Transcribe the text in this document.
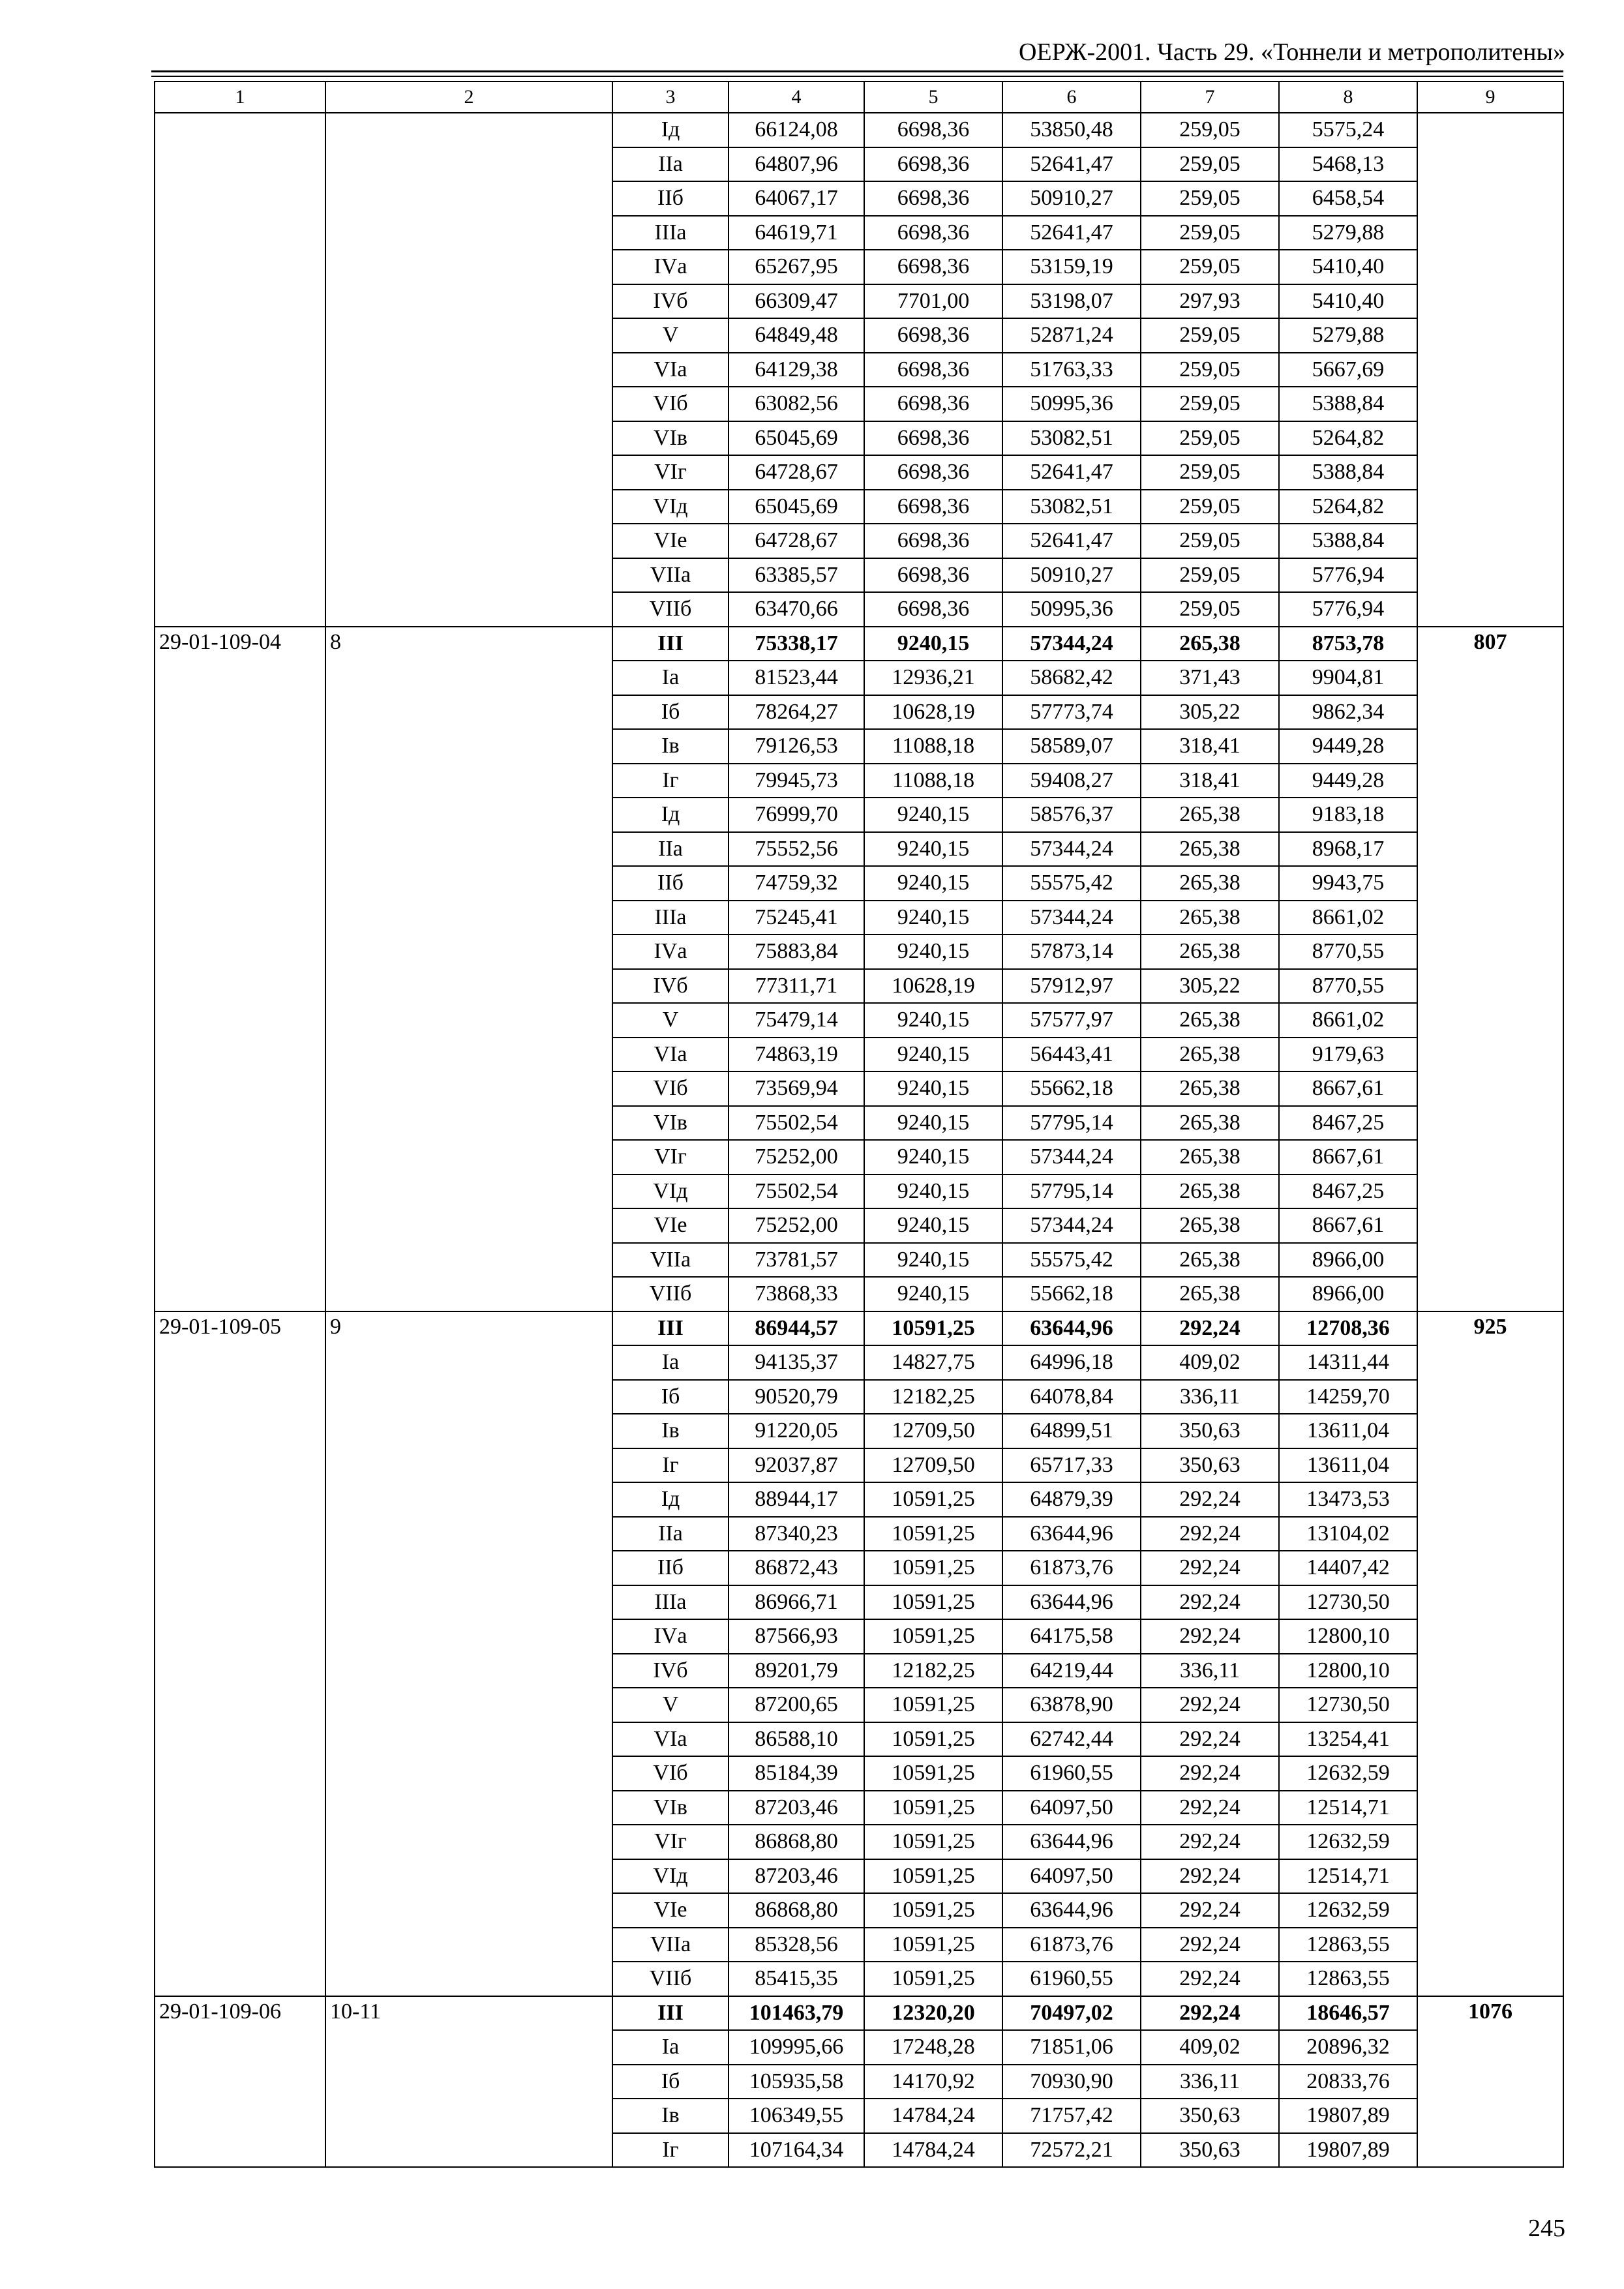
ОЕРЖ-2001. Часть 29. «Тоннели и метрополитены»
1	2	3	4	5	6	7	8	9
		Iд	66124,08	6698,36	53850,48	259,05	5575,24	
		IIа	64807,96	6698,36	52641,47	259,05	5468,13	
		IIб	64067,17	6698,36	50910,27	259,05	6458,54	
		IIIа	64619,71	6698,36	52641,47	259,05	5279,88	
		IVа	65267,95	6698,36	53159,19	259,05	5410,40	
		IVб	66309,47	7701,00	53198,07	297,93	5410,40	
		V	64849,48	6698,36	52871,24	259,05	5279,88	
		VIа	64129,38	6698,36	51763,33	259,05	5667,69	
		VIб	63082,56	6698,36	50995,36	259,05	5388,84	
		VIв	65045,69	6698,36	53082,51	259,05	5264,82	
		VIг	64728,67	6698,36	52641,47	259,05	5388,84	
		VIд	65045,69	6698,36	53082,51	259,05	5264,82	
		VIе	64728,67	6698,36	52641,47	259,05	5388,84	
		VIIа	63385,57	6698,36	50910,27	259,05	5776,94	
		VIIб	63470,66	6698,36	50995,36	259,05	5776,94	
29-01-109-04	8	III	75338,17	9240,15	57344,24	265,38	8753,78	807
		Iа	81523,44	12936,21	58682,42	371,43	9904,81	
		Iб	78264,27	10628,19	57773,74	305,22	9862,34	
		Iв	79126,53	11088,18	58589,07	318,41	9449,28	
		Iг	79945,73	11088,18	59408,27	318,41	9449,28	
		Iд	76999,70	9240,15	58576,37	265,38	9183,18	
		IIа	75552,56	9240,15	57344,24	265,38	8968,17	
		IIб	74759,32	9240,15	55575,42	265,38	9943,75	
		IIIа	75245,41	9240,15	57344,24	265,38	8661,02	
		IVа	75883,84	9240,15	57873,14	265,38	8770,55	
		IVб	77311,71	10628,19	57912,97	305,22	8770,55	
		V	75479,14	9240,15	57577,97	265,38	8661,02	
		VIа	74863,19	9240,15	56443,41	265,38	9179,63	
		VIб	73569,94	9240,15	55662,18	265,38	8667,61	
		VIв	75502,54	9240,15	57795,14	265,38	8467,25	
		VIг	75252,00	9240,15	57344,24	265,38	8667,61	
		VIд	75502,54	9240,15	57795,14	265,38	8467,25	
		VIе	75252,00	9240,15	57344,24	265,38	8667,61	
		VIIа	73781,57	9240,15	55575,42	265,38	8966,00	
		VIIб	73868,33	9240,15	55662,18	265,38	8966,00	
29-01-109-05	9	III	86944,57	10591,25	63644,96	292,24	12708,36	925
		Iа	94135,37	14827,75	64996,18	409,02	14311,44	
		Iб	90520,79	12182,25	64078,84	336,11	14259,70	
		Iв	91220,05	12709,50	64899,51	350,63	13611,04	
		Iг	92037,87	12709,50	65717,33	350,63	13611,04	
		Iд	88944,17	10591,25	64879,39	292,24	13473,53	
		IIа	87340,23	10591,25	63644,96	292,24	13104,02	
		IIб	86872,43	10591,25	61873,76	292,24	14407,42	
		IIIа	86966,71	10591,25	63644,96	292,24	12730,50	
		IVа	87566,93	10591,25	64175,58	292,24	12800,10	
		IVб	89201,79	12182,25	64219,44	336,11	12800,10	
		V	87200,65	10591,25	63878,90	292,24	12730,50	
		VIа	86588,10	10591,25	62742,44	292,24	13254,41	
		VIб	85184,39	10591,25	61960,55	292,24	12632,59	
		VIв	87203,46	10591,25	64097,50	292,24	12514,71	
		VIг	86868,80	10591,25	63644,96	292,24	12632,59	
		VIд	87203,46	10591,25	64097,50	292,24	12514,71	
		VIе	86868,80	10591,25	63644,96	292,24	12632,59	
		VIIа	85328,56	10591,25	61873,76	292,24	12863,55	
		VIIб	85415,35	10591,25	61960,55	292,24	12863,55	
29-01-109-06	10-11	III	101463,79	12320,20	70497,02	292,24	18646,57	1076
		Iа	109995,66	17248,28	71851,06	409,02	20896,32	
		Iб	105935,58	14170,92	70930,90	336,11	20833,76	
		Iв	106349,55	14784,24	71757,42	350,63	19807,89	
		Iг	107164,34	14784,24	72572,21	350,63	19807,89	
245
